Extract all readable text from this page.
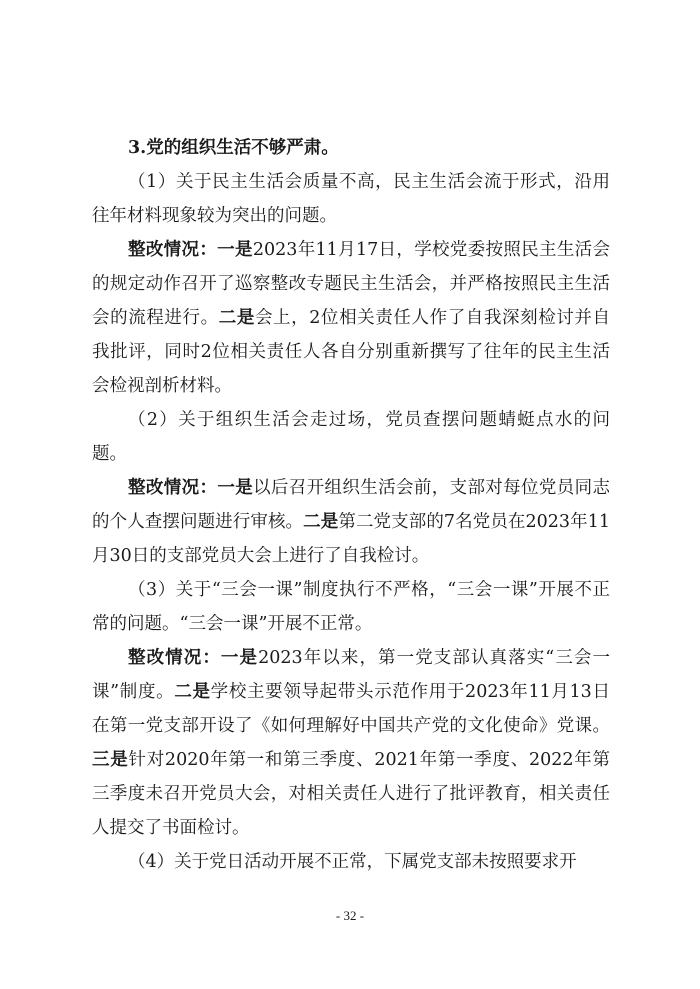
3.党的组织生活不够严肃。

（1）关于民主生活会质量不高，民主生活会流于形式，沿用往年材料现象较为突出的问题。

整改情况：一是2023年11月17日，学校党委按照民主生活会的规定动作召开了巡察整改专题民主生活会，并严格按照民主生活会的流程进行。二是会上，2位相关责任人作了自我深刻检讨并自我批评，同时2位相关责任人各自分别重新撰写了往年的民主生活会检视剖析材料。

（2）关于组织生活会走过场，党员查摆问题蜻蜓点水的问题。

整改情况：一是以后召开组织生活会前，支部对每位党员同志的个人查摆问题进行审核。二是第二党支部的7名党员在2023年11月30日的支部党员大会上进行了自我检讨。

（3）关于“三会一课”制度执行不严格，“三会一课”开展不正常的问题。“三会一课”开展不正常。

整改情况：一是2023年以来，第一党支部认真落实“三会一课”制度。二是学校主要领导起带头示范作用于2023年11月13日在第一党支部开设了《如何理解好中国共产党的文化使命》党课。三是针对2020年第一和第三季度、2021年第一季度、2022年第三季度未召开党员大会，对相关责任人进行了批评教育，相关责任人提交了书面检讨。

（4）关于党日活动开展不正常，下属党支部未按照要求开

- 32 -
